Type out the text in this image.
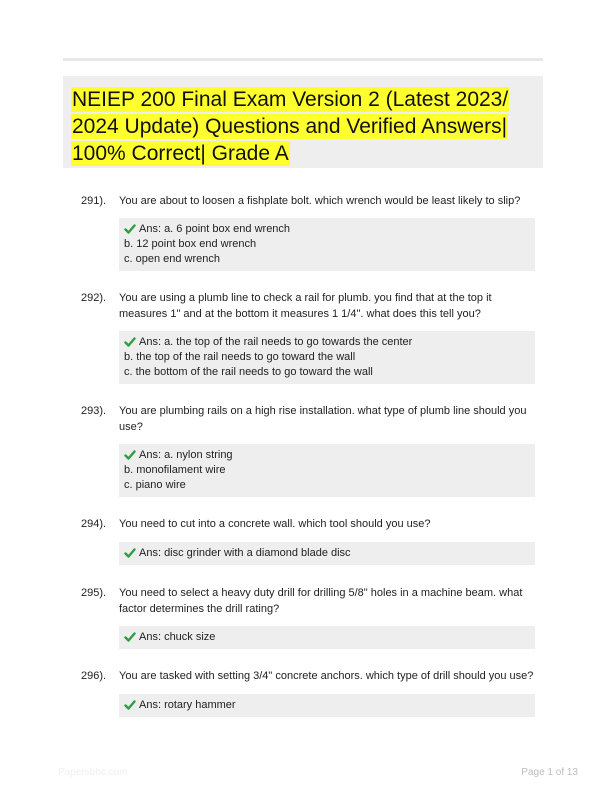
NEIEP 200 Final Exam Version 2 (Latest 2023/ 2024 Update) Questions and Verified Answers| 100% Correct| Grade A
291). You are about to loosen a fishplate bolt. which wrench would be least likely to slip?
Ans: a. 6 point box end wrench
b. 12 point box end wrench
c. open end wrench
292). You are using a plumb line to check a rail for plumb. you find that at the top it measures 1" and at the bottom it measures 1 1/4". what does this tell you?
Ans: a. the top of the rail needs to go towards the center
b. the top of the rail needs to go toward the wall
c. the bottom of the rail needs to go toward the wall
293). You are plumbing rails on a high rise installation. what type of plumb line should you use?
Ans: a. nylon string
b. monofilament wire
c. piano wire
294). You need to cut into a concrete wall. which tool should you use?
Ans: disc grinder with a diamond blade disc
295). You need to select a heavy duty drill for drilling 5/8" holes in a machine beam. what factor determines the drill rating?
Ans: chuck size
296). You are tasked with setting 3/4" concrete anchors. which type of drill should you use?
Ans: rotary hammer
Papersbbc.com	Page 1 of 13
